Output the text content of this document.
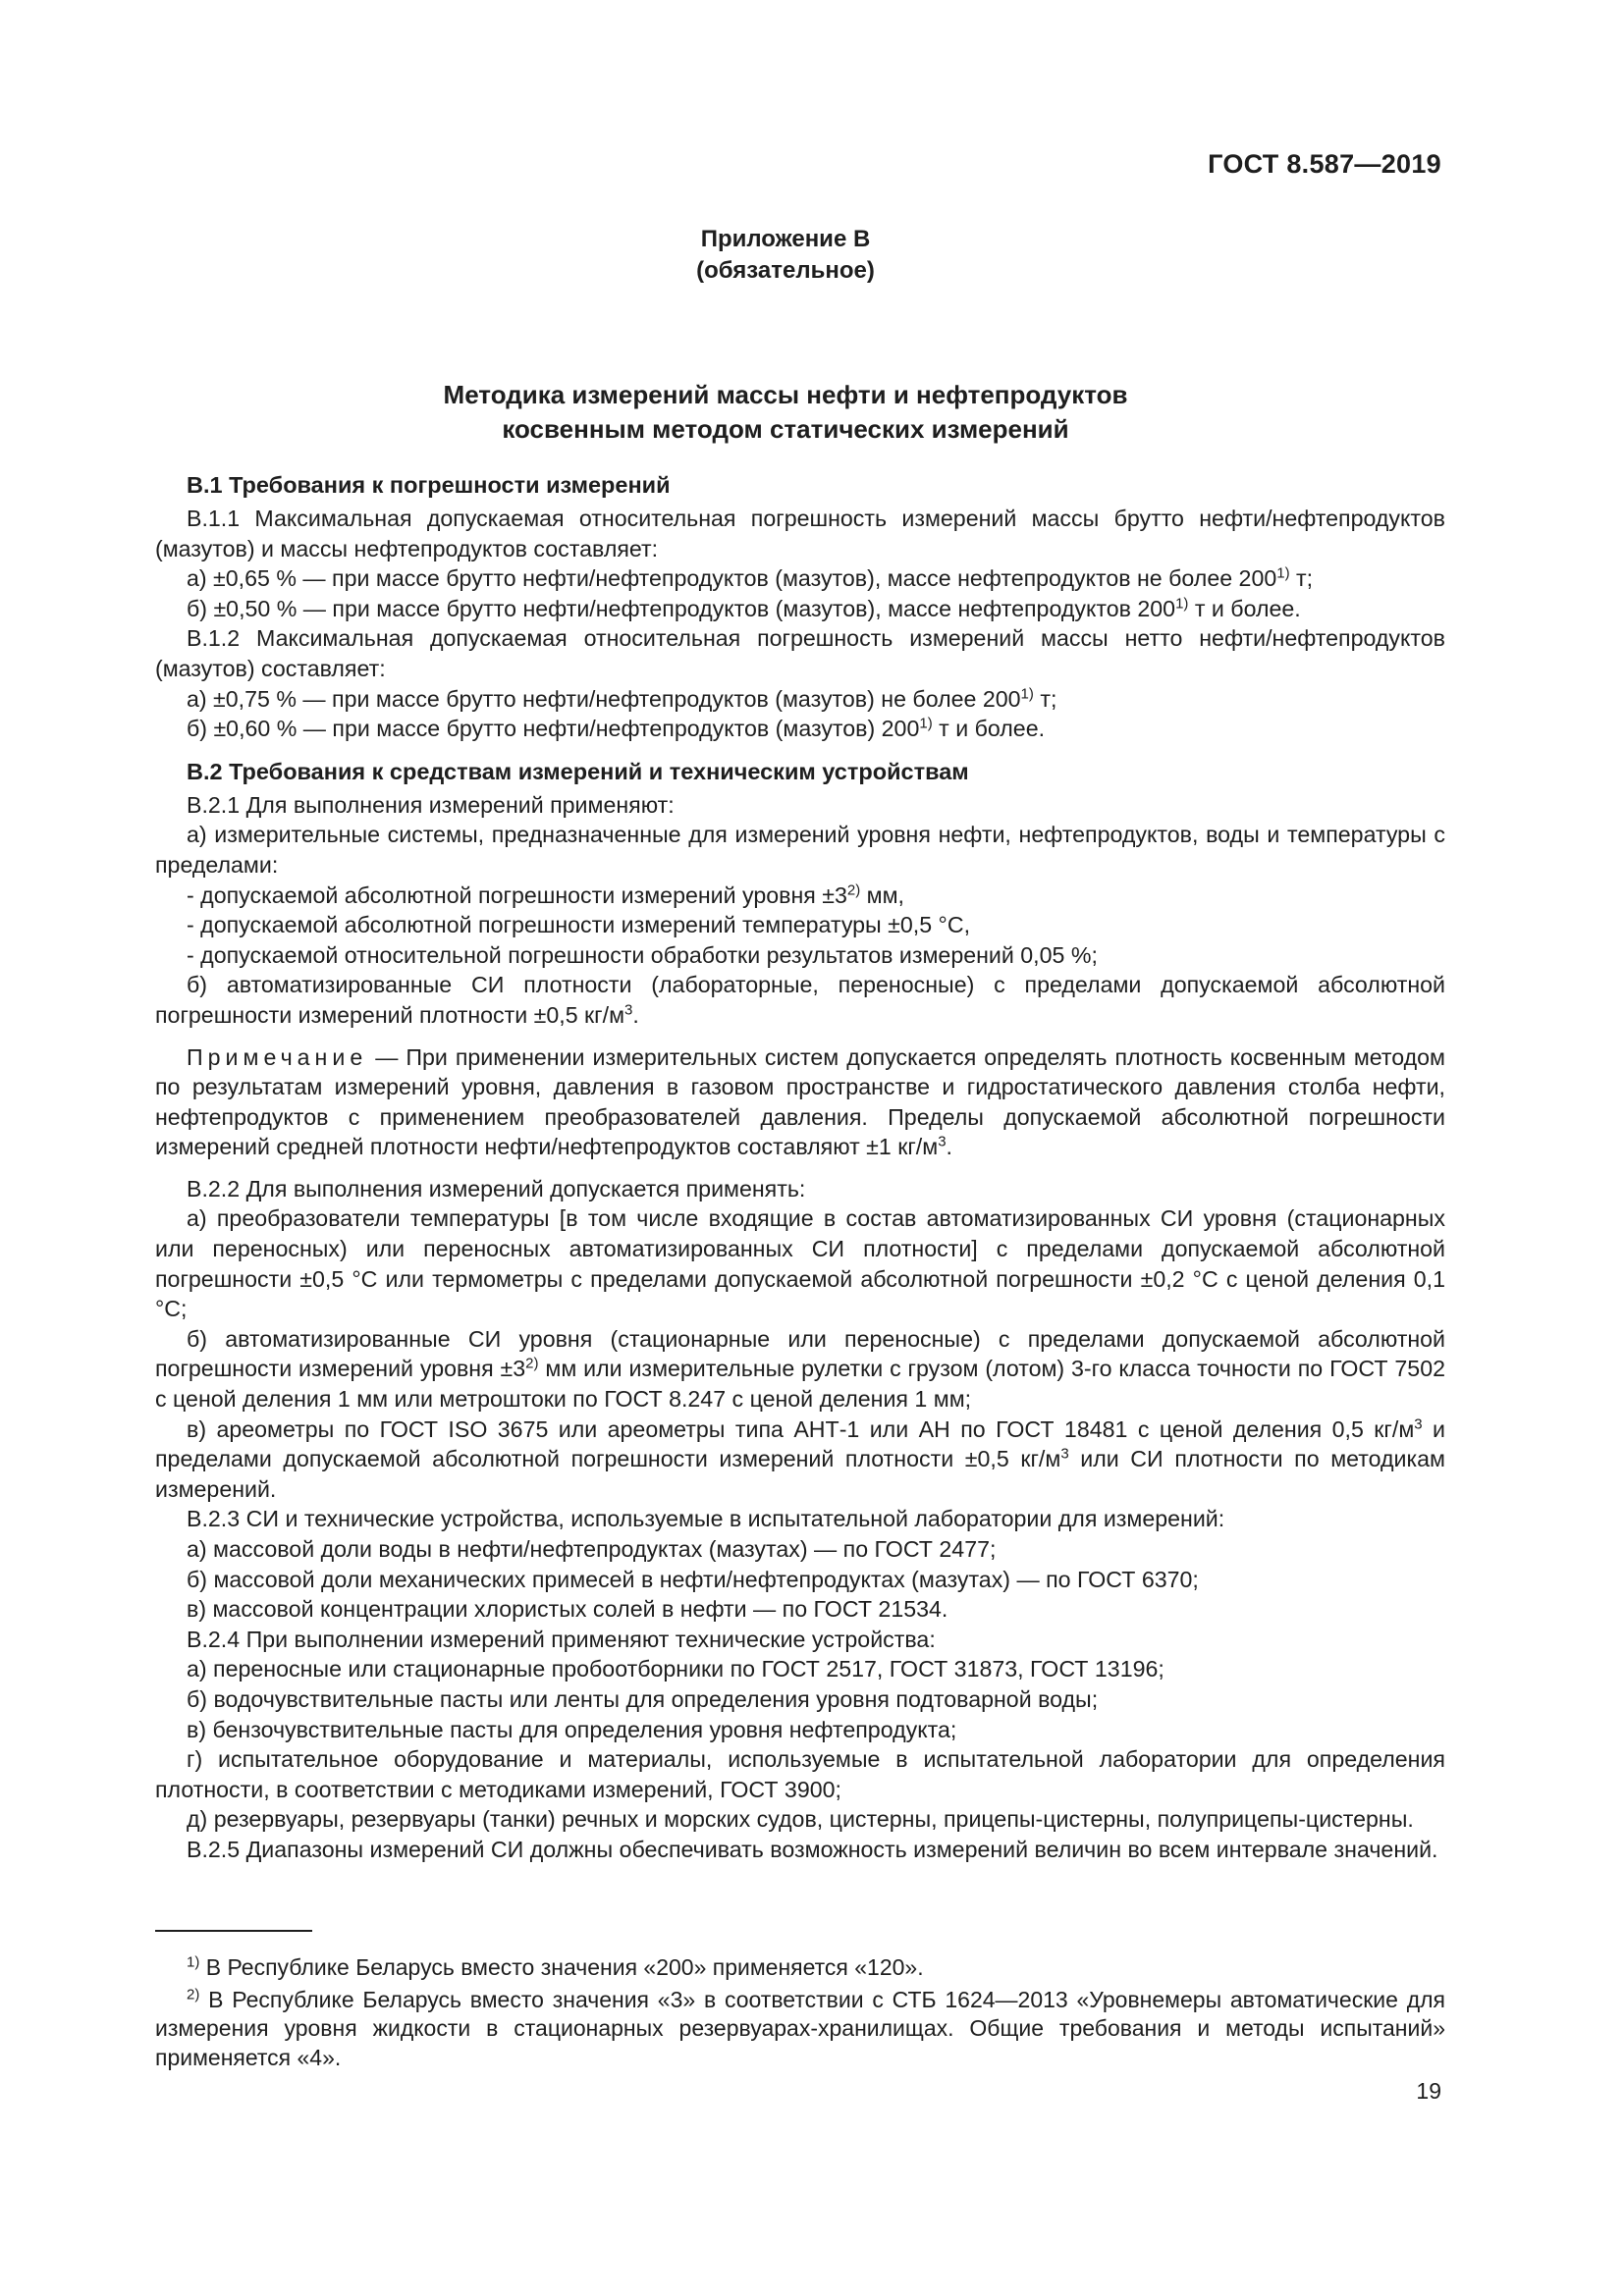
ГОСТ 8.587—2019
Приложение В
(обязательное)
Методика измерений массы нефти и нефтепродуктов
косвенным методом статических измерений
В.1 Требования к погрешности измерений

В.1.1 Максимальная допускаемая относительная погрешность измерений массы брутто нефти/нефтепродуктов (мазутов) и массы нефтепродуктов составляет:

а) ±0,65 % — при массе брутто нефти/нефтепродуктов (мазутов), массе нефтепродуктов не более 200$^{1)}$ т;

б) ±0,50 % — при массе брутто нефти/нефтепродуктов (мазутов), массе нефтепродуктов 200$^{1)}$ т и более.

В.1.2 Максимальная допускаемая относительная погрешность измерений массы нетто нефти/нефтепродуктов (мазутов) составляет:

а) ±0,75 % — при массе брутто нефти/нефтепродуктов (мазутов) не более 200$^{1)}$ т;

б) ±0,60 % — при массе брутто нефти/нефтепродуктов (мазутов) 200$^{1)}$ т и более.

В.2 Требования к средствам измерений и техническим устройствам

В.2.1 Для выполнения измерений применяют:

а) измерительные системы, предназначенные для измерений уровня нефти, нефтепродуктов, воды и температуры с пределами:

- допускаемой абсолютной погрешности измерений уровня $\pm 3^{2)}$ мм,

- допускаемой абсолютной погрешности измерений температуры ±0,5 °С,

- допускаемой относительной погрешности обработки результатов измерений 0,05 %;

б) автоматизированные СИ плотности (лабораторные, переносные) с пределами допускаемой абсолютной погрешности измерений плотности ±0,5 $кг/м^3$.

Примечание — При применении измерительных систем допускается определять плотность косвенным методом по результатам измерений уровня, давления в газовом пространстве и гидростатического давления столба нефти, нефтепродуктов с применением преобразователей давления. Пределы допускаемой абсолютной погрешности измерений средней плотности нефти/нефтепродуктов составляют ±1 $кг/м^3$.

В.2.2 Для выполнения измерений допускается применять:

а) преобразователи температуры [в том числе входящие в состав автоматизированных СИ уровня (стационарных или переносных) или переносных автоматизированных СИ плотности] с пределами допускаемой абсолютной погрешности ±0,5 °С или термометры с пределами допускаемой абсолютной погрешности ±0,2 °С с ценой деления 0,1 °С;

б) автоматизированные СИ уровня (стационарные или переносные) с пределами допускаемой абсолютной погрешности измерений уровня $\pm 3^{2)}$ мм или измерительные рулетки с грузом (лотом) 3-го класса точности по ГОСТ 7502 с ценой деления 1 мм или метроштоки по ГОСТ 8.247 с ценой деления 1 мм;

в) ареометры по ГОСТ ISO 3675 или ареометры типа АНТ-1 или АН по ГОСТ 18481 с ценой деления 0,5 $кг/м^3$ и пределами допускаемой абсолютной погрешности измерений плотности ±0,5 $кг/м^3$ или СИ плотности по методикам измерений.

В.2.3 СИ и технические устройства, используемые в испытательной лаборатории для измерений:

а) массовой доли воды в нефти/нефтепродуктах (мазутах) — по ГОСТ 2477;

б) массовой доли механических примесей в нефти/нефтепродуктах (мазутах) — по ГОСТ 6370;

в) массовой концентрации хлористых солей в нефти — по ГОСТ 21534.

В.2.4 При выполнении измерений применяют технические устройства:

а) переносные или стационарные пробоотборники по ГОСТ 2517, ГОСТ 31873, ГОСТ 13196;

б) водочувствительные пасты или ленты для определения уровня подтоварной воды;

в) бензочувствительные пасты для определения уровня нефтепродукта;

г) испытательное оборудование и материалы, используемые в испытательной лаборатории для определения плотности, в соответствии с методиками измерений, ГОСТ 3900;

д) резервуары, резервуары (танки) речных и морских судов, цистерны, прицепы-цистерны, полуприцепы-цистерны.

В.2.5 Диапазоны измерений СИ должны обеспечивать возможность измерений величин во всем интервале значений.

$^{1)}$ В Республике Беларусь вместо значения «200» применяется «120».

$^{2)}$ В Республике Беларусь вместо значения «3» в соответствии с СТБ 1624—2013 «Уровнемеры автоматические для измерения уровня жидкости в стационарных резервуарах-хранилищах. Общие требования и методы испытаний» применяется «4».

19
